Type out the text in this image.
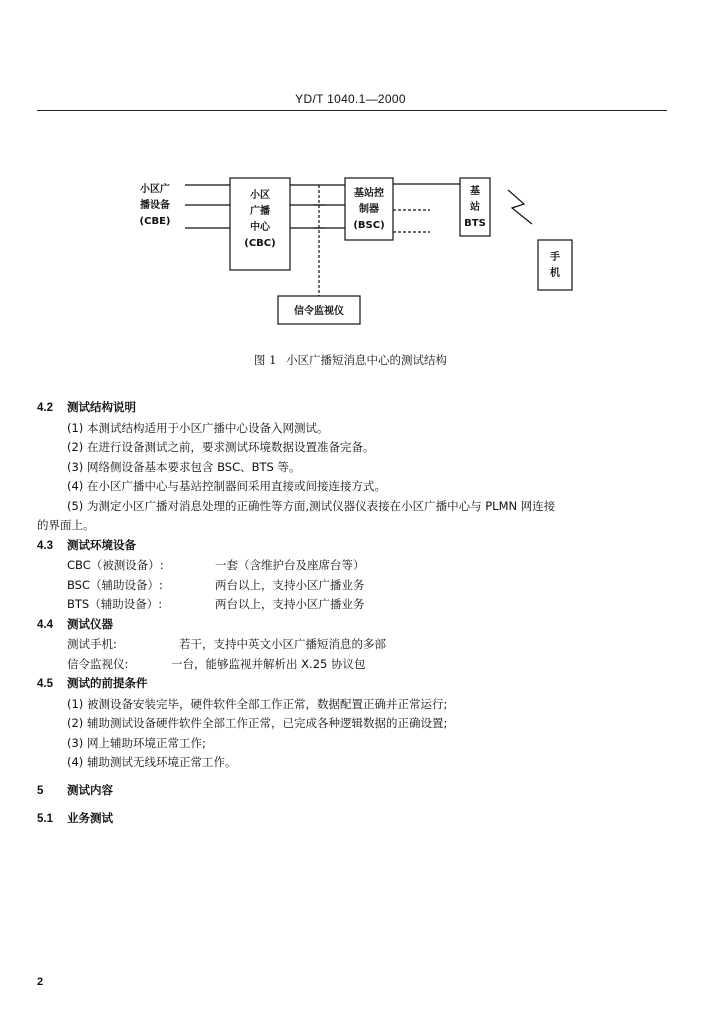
YD/T 1040.1—2000
小区广
播设备
(CBE)
小区
广播
中心
(CBC)
基站控
制器
(BSC)
基
站
BTS
手
机
信令监视仪
图 1 小区广播短消息中心的测试结构
4.2 测试结构说明
(1) 本测试结构适用于小区广播中心设备入网测试。
(2) 在进行设备测试之前，要求测试环境数据设置准备完备。
(3) 网络侧设备基本要求包含 BSC、BTS 等。
(4) 在小区广播中心与基站控制器间采用直接或间接连接方式。
(5) 为测定小区广播对消息处理的正确性等方面,测试仪器仪表接在小区广播中心与 PLMN 网连接
的界面上。
4.3 测试环境设备
CBC（被测设备）:	一套（含维护台及座席台等）
BSC（辅助设备）:	两台以上，支持小区广播业务
BTS（辅助设备）:	两台以上，支持小区广播业务
4.4 测试仪器
测试手机:	若干，支持中英文小区广播短消息的多部
信令监视仪:	一台，能够监视并解析出 X.25 协议包
4.5 测试的前提条件
(1) 被测设备安装完毕，硬件软件全部工作正常，数据配置正确并正常运行;
(2) 辅助测试设备硬件软件全部工作正常，已完成各种逻辑数据的正确设置;
(3) 网上辅助环境正常工作;
(4) 辅助测试无线环境正常工作。
5 测试内容
5.1 业务测试
2
